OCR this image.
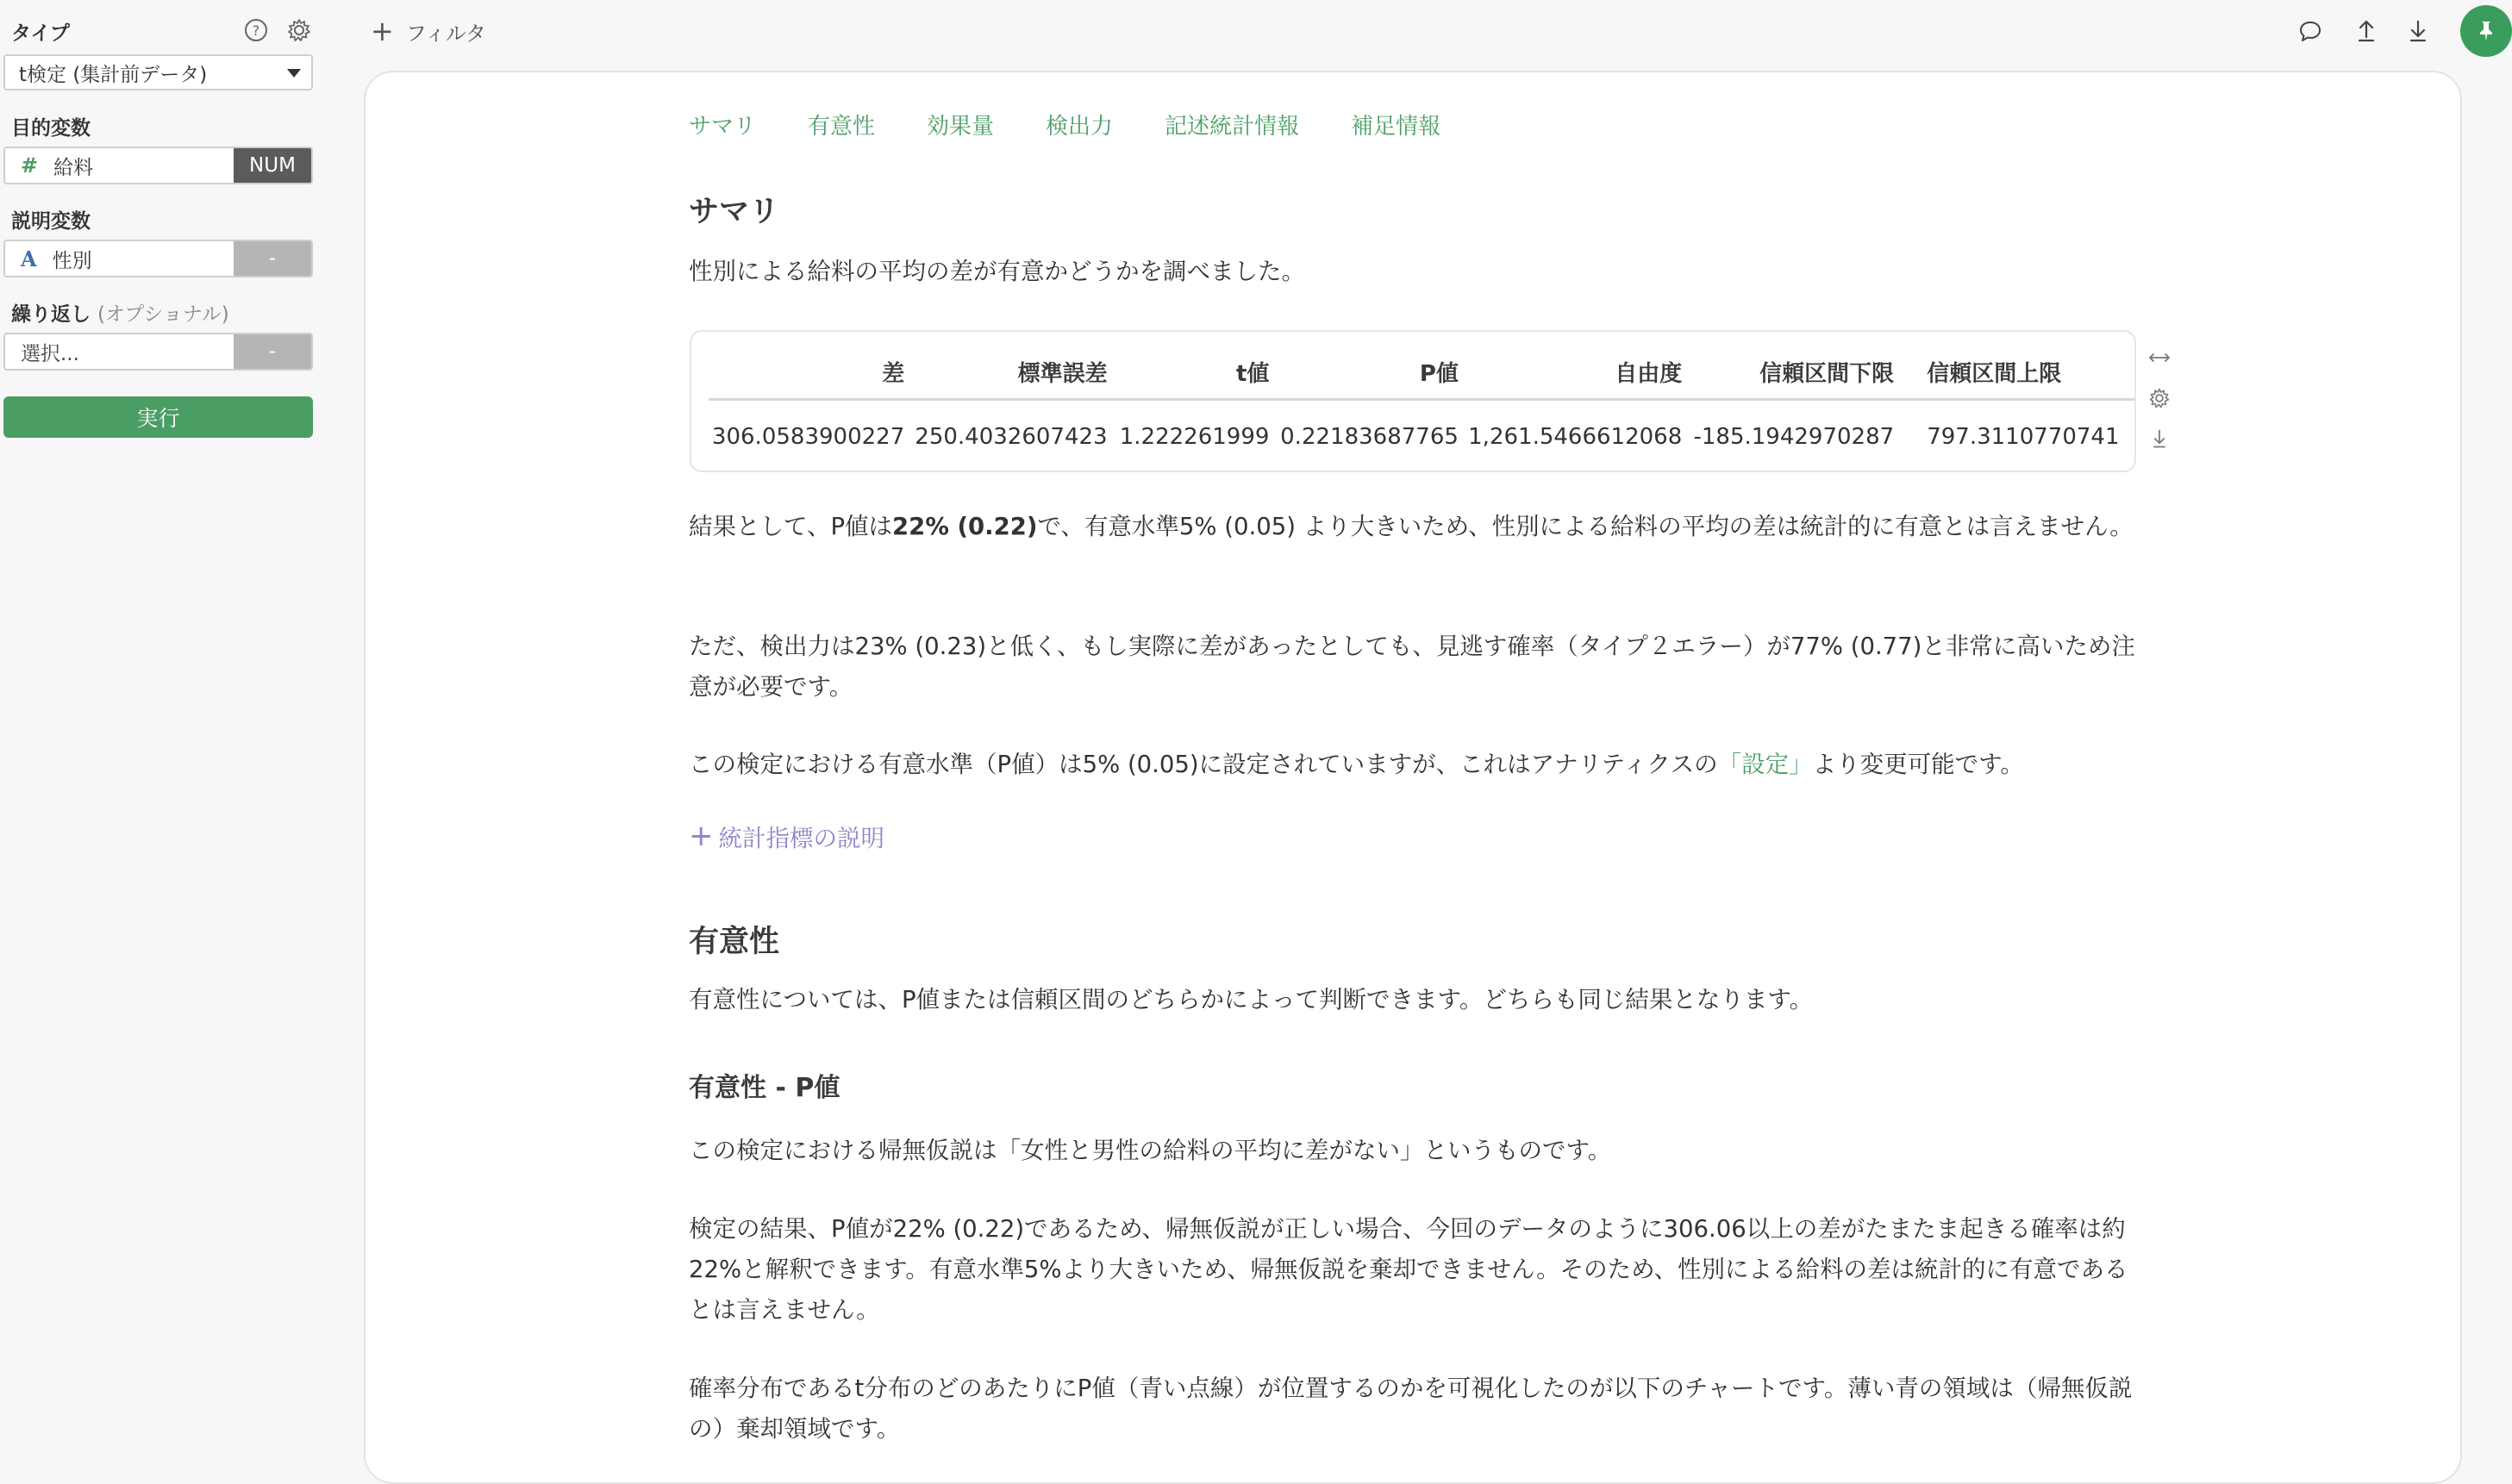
タイプ	?
t検定 (集計前データ)
目的変数
# 給料	NUM
説明変数
A 性別	-
繰り返し (オプショナル)
選択...	-
実行
+ フィルタ
サマリ 有意性 効果量 検出力 記述統計情報 補足情報
サマリ
性別による給料の平均の差が有意かどうかを調べました。
差	標準誤差	t値	P値	自由度	信頼区間下限	信頼区間上限
306.0583900227	250.4032607423	1.222261999	0.22183687765	1,261.5466612068	-185.1942970287	797.3110770741
結果として、P値は22% (0.22)で、有意水準5% (0.05) より大きいため、性別による給料の平均の差は統計的に有意とは言えません。
ただ、検出力は23% (0.23)と低く、もし実際に差があったとしても、見逃す確率（タイプ２エラー）が77% (0.77)と非常に高いため注意が必要です。
この検定における有意水準（P値）は5% (0.05)に設定されていますが、これはアナリティクスの「設定」より変更可能です。
+ 統計指標の説明
有意性
有意性については、P値または信頼区間のどちらかによって判断できます。どちらも同じ結果となります。
有意性 - P値
この検定における帰無仮説は「女性と男性の給料の平均に差がない」というものです。
検定の結果、P値が22% (0.22)であるため、帰無仮説が正しい場合、今回のデータのように306.06以上の差がたまたま起きる確率は約22%と解釈できます。有意水準5%より大きいため、帰無仮説を棄却できません。そのため、性別による給料の差は統計的に有意であるとは言えません。
確率分布であるt分布のどのあたりにP値（青い点線）が位置するのかを可視化したのが以下のチャートです。薄い青の領域は（帰無仮説の）棄却領域です。
